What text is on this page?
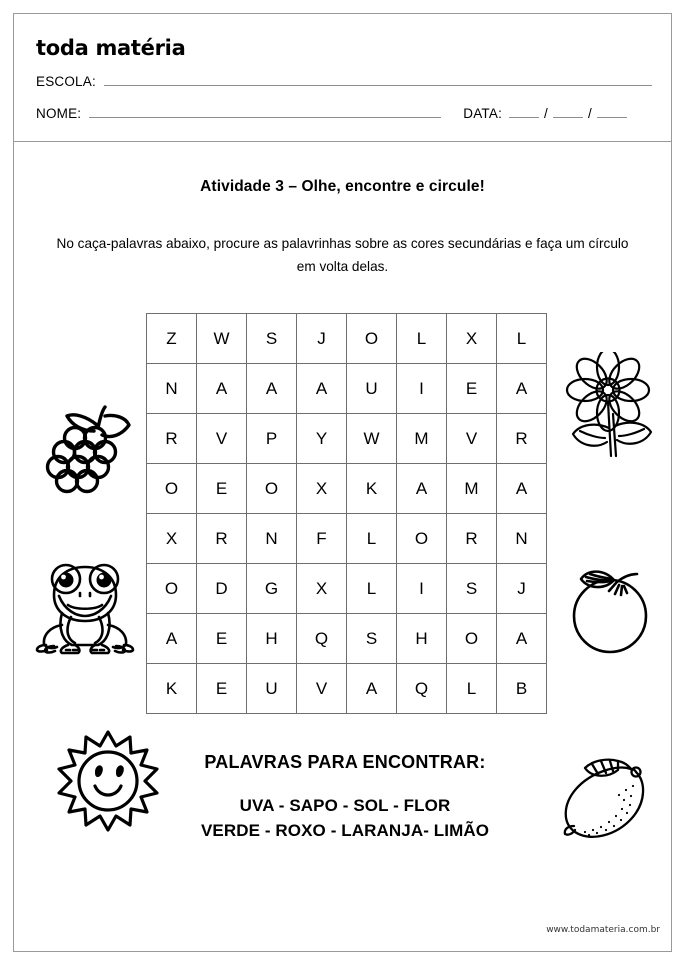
toda matéria
ESCOLA:
NOME:	DATA:	/	/
Atividade 3 – Olhe, encontre e circule!
No caça-palavras abaixo, procure as palavrinhas sobre as cores secundárias e faça um círculo em volta delas.
Z	W	S	J	O	L	X	L
N	A	A	A	U	I	E	A
R	V	P	Y	W	M	V	R
O	E	O	X	K	A	M	A
X	R	N	F	L	O	R	N
O	D	G	X	L	I	S	J
A	E	H	Q	S	H	O	A
K	E	U	V	A	Q	L	B
PALAVRAS PARA ENCONTRAR:
UVA - SAPO - SOL - FLOR
VERDE - ROXO - LARANJA- LIMÃO
www.todamateria.com.br
